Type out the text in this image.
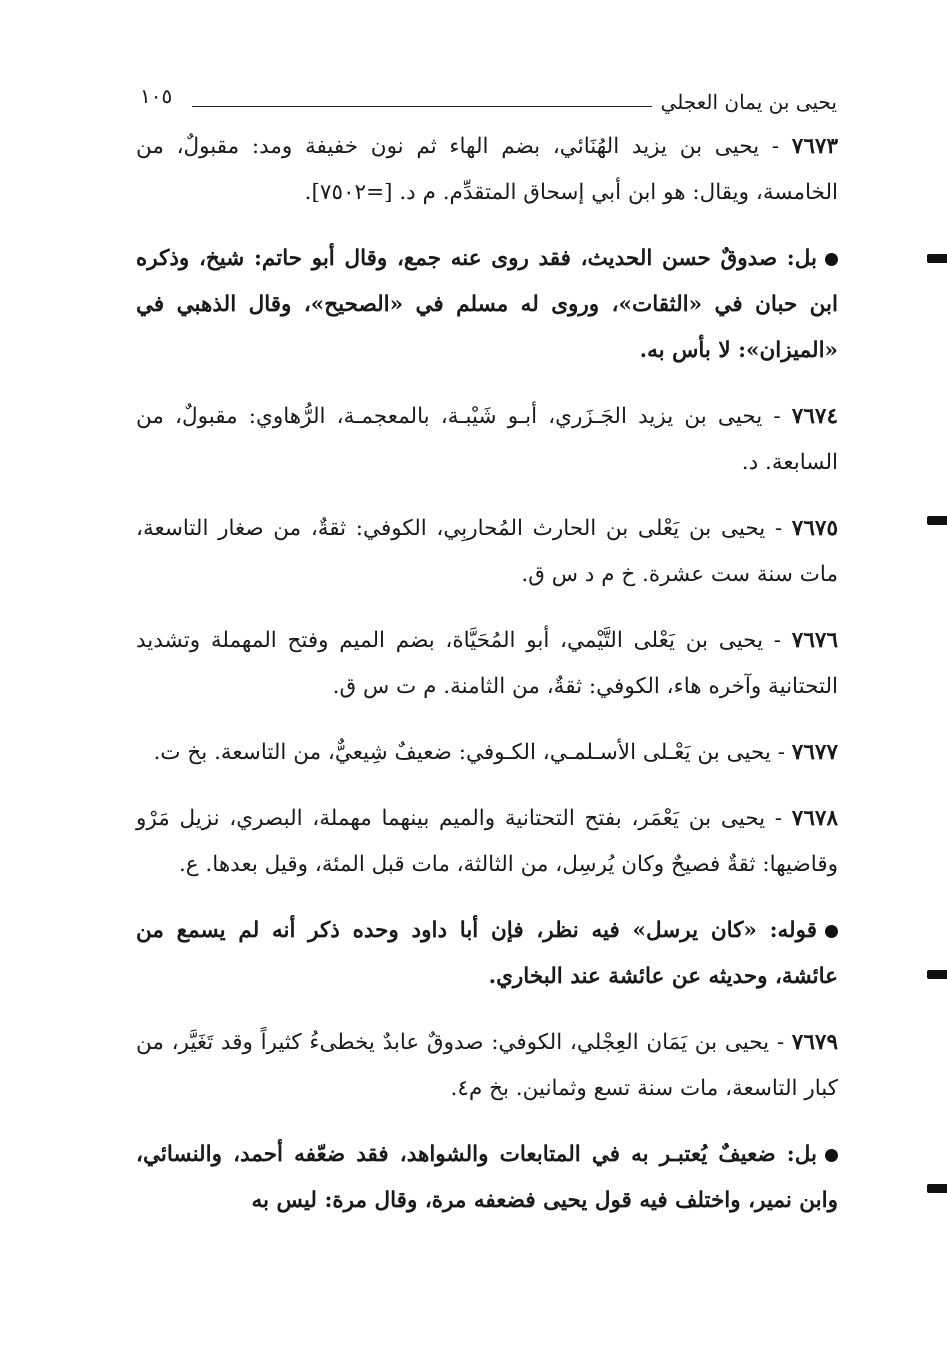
يحيى بن يمان العجلي
١٠٥

٧٦٧٣ - يحيى بن يزيد الهُنَائي، بضم الهاء ثم نون خفيفة ومد: مقبولٌ، من الخامسة، ويقال: هو ابن أبي إسحاق المتقدِّم. م د. [=٧٥٠٢].

بل: صدوقٌ حسن الحديث، فقد روى عنه جمع، وقال أبو حاتم: شيخ، وذكره ابن حبان في «الثقات»، وروى له مسلم في «الصحيح»، وقال الذهبي في «الميزان»: لا بأس به.

٧٦٧٤ - يحيى بن يزيد الجَـزَري، أبـو شَيْبـة، بالمعجمـة، الرُّهاوي: مقبولٌ، من السابعة. د.

٧٦٧٥ - يحيى بن يَعْلى بن الحارث المُحاربِي، الكوفي: ثقةٌ، من صغار التاسعة، مات سنة ست عشرة. خ م د س ق.

٧٦٧٦ - يحيى بن يَعْلى التَّيْمي، أبو المُحَيَّاة، بضم الميم وفتح المهملة وتشديد التحتانية وآخره هاء، الكوفي: ثقةٌ، من الثامنة. م ت س ق.

٧٦٧٧ - يحيى بن يَعْـلى الأسـلمـي، الكـوفي: ضعيفٌ شِيعيٌّ، من التاسعة. بخ ت.

٧٦٧٨ - يحيى بن يَعْمَر، بفتح التحتانية والميم بينهما مهملة، البصري، نزيل مَرْو وقاضيها: ثقةٌ فصيحٌ وكان يُرسِل، من الثالثة، مات قبل المئة، وقيل بعدها. ع.

قوله: «كان يرسل» فيه نظر، فإن أبا داود وحده ذكر أنه لم يسمع من عائشة، وحديثه عن عائشة عند البخاري.

٧٦٧٩ - يحيى بن يَمَان العِجْلي، الكوفي: صدوقٌ عابدٌ يخطىءُ كثيراً وقد تَغَيَّر، من كبار التاسعة، مات سنة تسع وثمانين. بخ م٤.

بل: ضعيفٌ يُعتبـر به في المتابعات والشواهد، فقد ضعّفه أحمد، والنسائي، وابن نمير، واختلف فيه قول يحيى فضعفه مرة، وقال مرة: ليس به
